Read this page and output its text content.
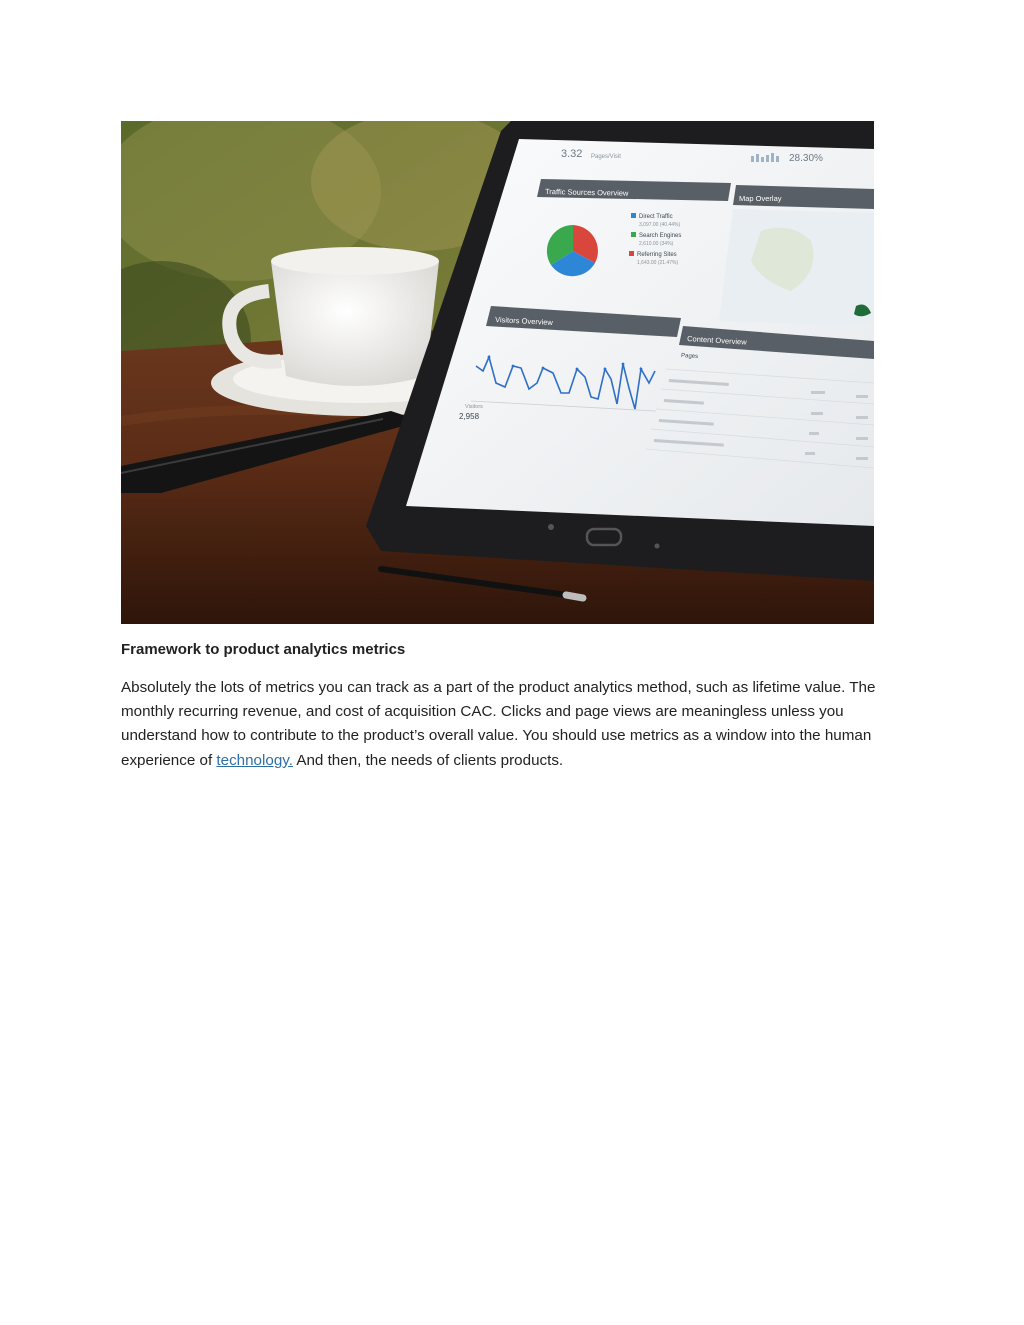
3.32 Pages/Visit	28.30%
Traffic Sources Overview
Direct Traffic
3,097.00 (40.44%)
Search Engines
2,610.00 (34%)
Referring Sites
1,643.00 (21.47%)
Map Overlay
Visitors Overview
Visitors
2,958
Content Overview
Pages
Framework to product analytics metrics

Absolutely the lots of metrics you can track as a part of the product analytics method, such as lifetime value. The monthly recurring revenue, and cost of acquisition CAC. Clicks and page views are meaningless unless you understand how to contribute to the product’s overall value. You should use metrics as a window into the human experience of technology. And then, the needs of clients products.
